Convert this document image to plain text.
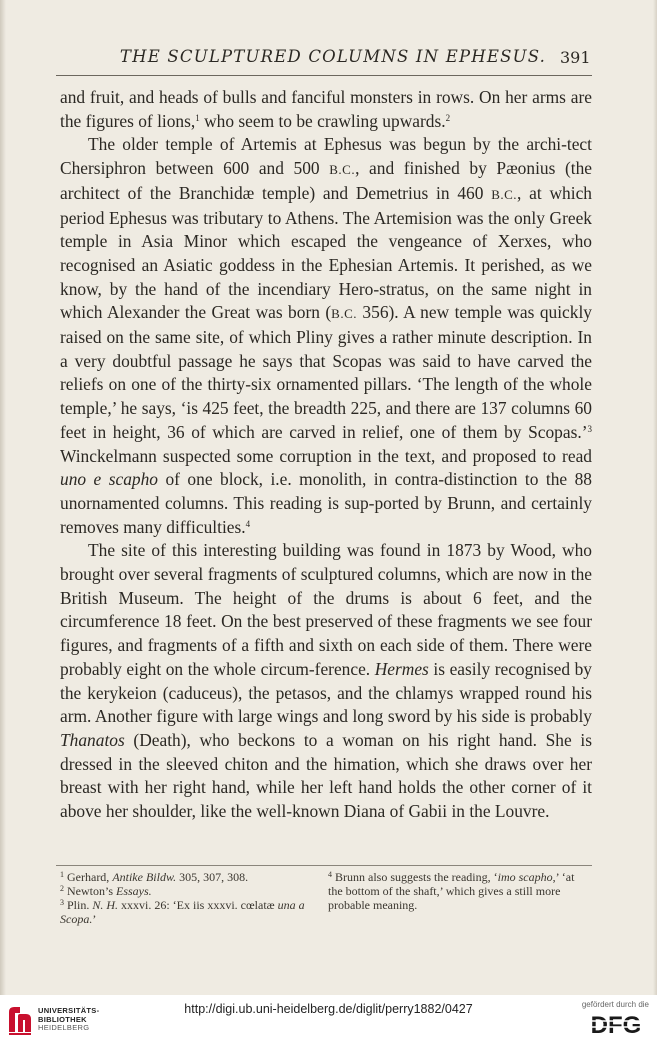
THE SCULPTURED COLUMNS IN EPHESUS. 391

and fruit, and heads of bulls and fanciful monsters in rows. On her arms are the figures of lions,$^1$ who seem to be crawling upwards.$^2$

The older temple of Artemis at Ephesus was begun by the archi-tect Chersiphron between 600 and 500 B.C., and finished by Pæonius (the architect of the Branchidæ temple) and Demetrius in 460 B.C., at which period Ephesus was tributary to Athens. The Artemision was the only Greek temple in Asia Minor which escaped the vengeance of Xerxes, who recognised an Asiatic goddess in the Ephesian Artemis. It perished, as we know, by the hand of the incendiary Hero-stratus, on the same night in which Alexander the Great was born (B.C. 356). A new temple was quickly raised on the same site, of which Pliny gives a rather minute description. In a very doubtful passage he says that Scopas was said to have carved the reliefs on one of the thirty-six ornamented pillars. ‘The length of the whole temple,’ he says, ‘is 425 feet, the breadth 225, and there are 137 columns 60 feet in height, 36 of which are carved in relief, one of them by Scopas.’$^3$ Winckelmann suspected some corruption in the text, and proposed to read uno e scapho of one block, i.e. monolith, in contra-distinction to the 88 unornamented columns. This reading is sup-ported by Brunn, and certainly removes many difficulties.$^4$

The site of this interesting building was found in 1873 by Wood, who brought over several fragments of sculptured columns, which are now in the British Museum. The height of the drums is about 6 feet, and the circumference 18 feet. On the best preserved of these fragments we see four figures, and fragments of a fifth and sixth on each side of them. There were probably eight on the whole circum-ference. Hermes is easily recognised by the kerykeion (caduceus), the petasos, and the chlamys wrapped round his arm. Another figure with large wings and long sword by his side is probably Thanatos (Death), who beckons to a woman on his right hand. She is dressed in the sleeved chiton and the himation, which she draws over her breast with her right hand, while her left hand holds the other corner of it above her shoulder, like the well-known Diana of Gabii in the Louvre.

$^1$ Gerhard, Antike Bildw. 305, 307, 308.

$^2$ Newton’s Essays.

$^3$ Plin. N. H. xxxvi. 26: ‘Ex iis xxxvi. cœlatæ una a Scopa.’

$^4$ Brunn also suggests the reading, ‘imo scapho,’ ‘at the bottom of the shaft,’ which gives a still more probable meaning.

UNIVERSITÄTS-
BIBLIOTHEK
HEIDELBERG
http://digi.ub.uni-heidelberg.de/diglit/perry1882/0427	gefördert durch die
DFG
